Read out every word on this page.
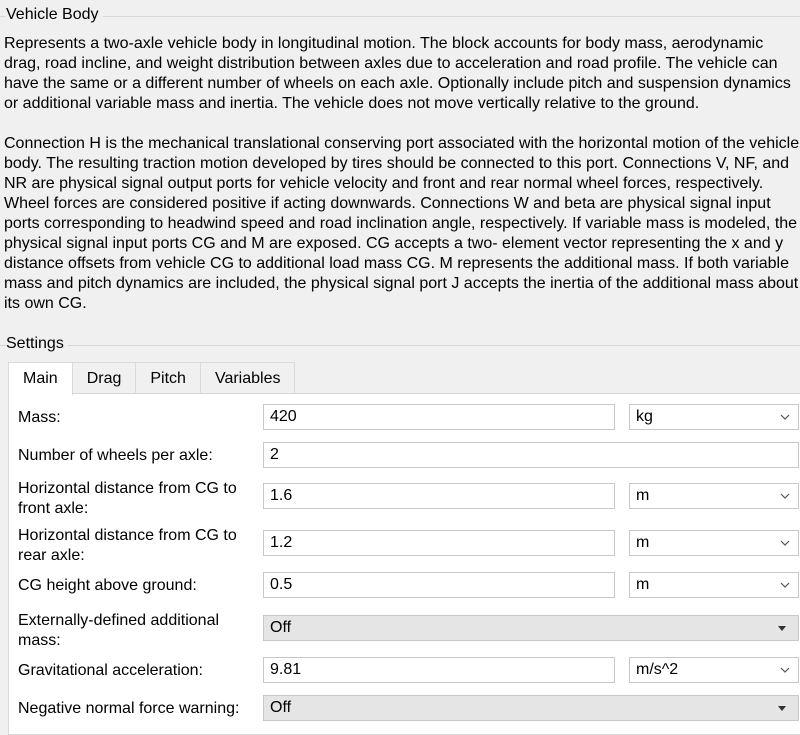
Vehicle Body

Represents a two-axle vehicle body in longitudinal motion. The block accounts for body mass, aerodynamic drag, road incline, and weight distribution between axles due to acceleration and road profile. The vehicle can have the same or a different number of wheels on each axle. Optionally include pitch and suspension dynamics or additional variable mass and inertia. The vehicle does not move vertically relative to the ground.

Connection H is the mechanical translational conserving port associated with the horizontal motion of the vehicle body. The resulting traction motion developed by tires should be connected to this port. Connections V, NF, and NR are physical signal output ports for vehicle velocity and front and rear normal wheel forces, respectively. Wheel forces are considered positive if acting downwards. Connections W and beta are physical signal input ports corresponding to headwind speed and road inclination angle, respectively. If variable mass is modeled, the physical signal input ports CG and M are exposed. CG accepts a two- element vector representing the x and y distance offsets from vehicle CG to additional load mass CG. M represents the additional mass. If both variable mass and pitch dynamics are included, the physical signal port J accepts the inertia of the additional mass about its own CG.

Settings
Main	Drag	Pitch	Variables
Mass:
420	kg
Number of wheels per axle:
2
Horizontal distance from CG to front axle:
1.6
m
Horizontal distance from CG to rear axle:
1.2
m
CG height above ground:
0.5	m
Externally-defined additional mass:
Off
Gravitational acceleration:
9.81	m/s^2
Negative normal force warning:	Off
